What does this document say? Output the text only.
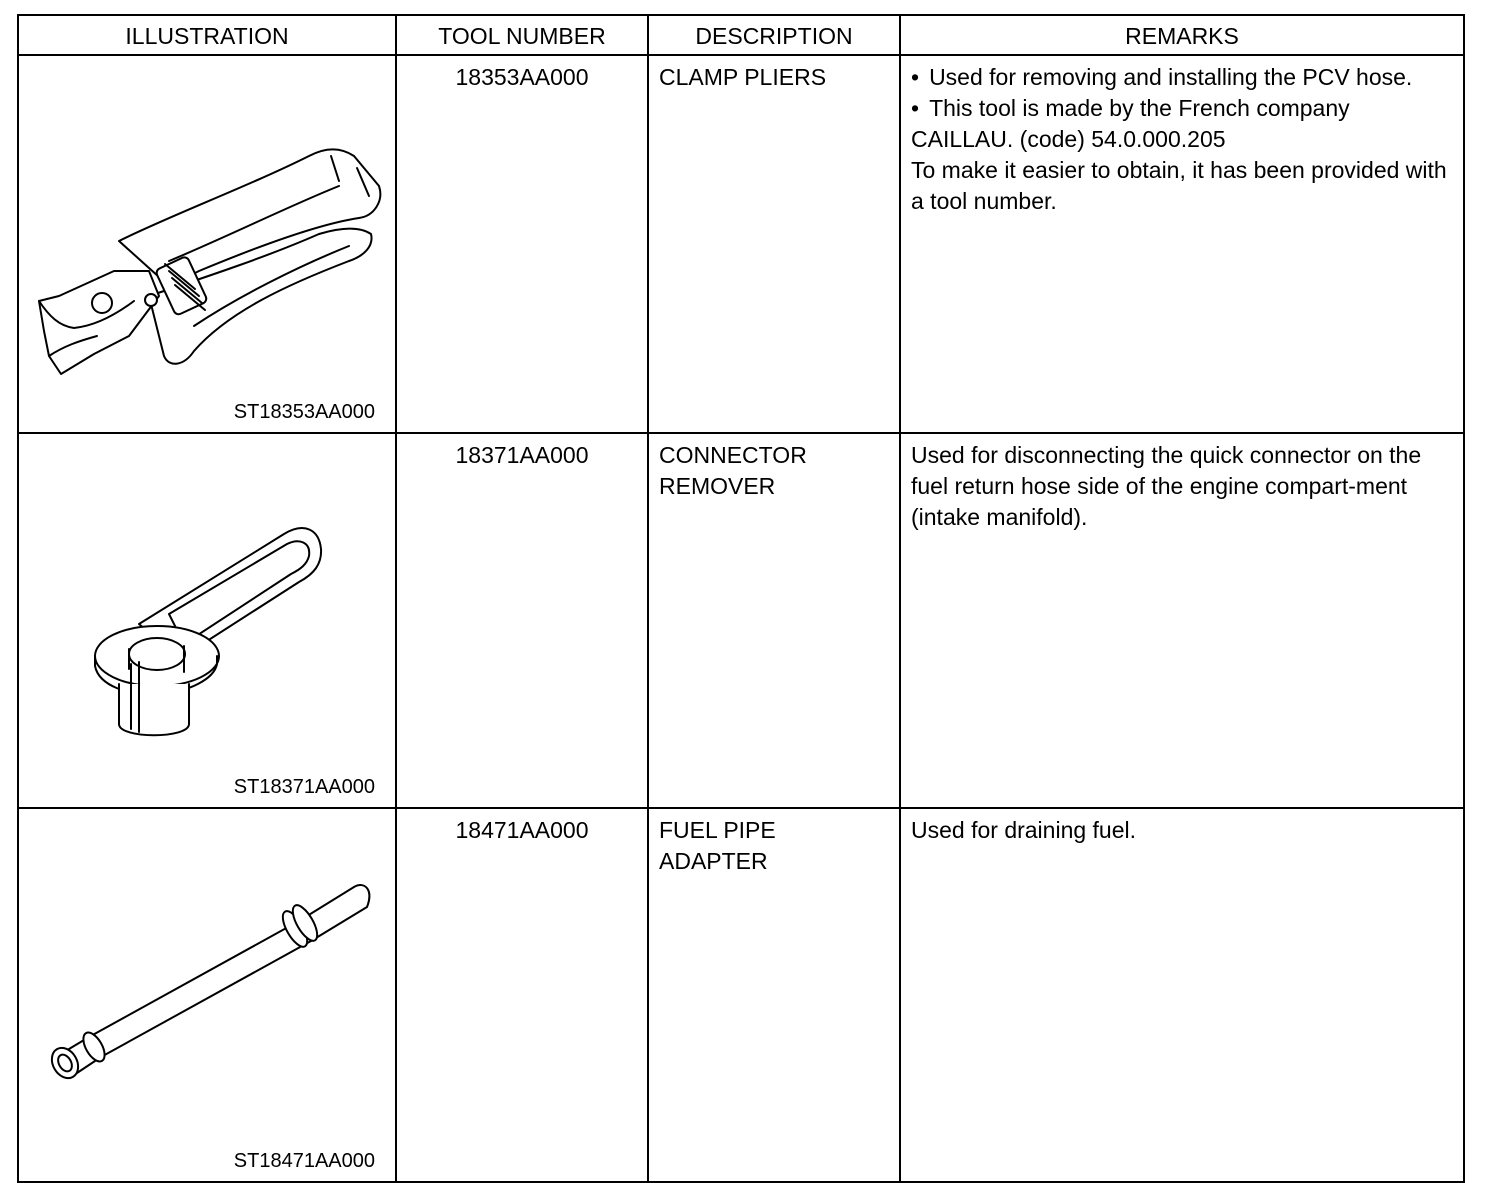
ILLUSTRATION	TOOL NUMBER	DESCRIPTION	REMARKS

ST18353AA000	18353AA000	CLAMP PLIERS	• Used for removing and installing the PCV hose.

• This tool is made by the French company CAILLAU. (code) 54.0.000.205

To make it easier to obtain, it has been provided with a tool number.

ST18371AA000	18371AA000	CONNECTOR REMOVER	Used for disconnecting the quick connector on the fuel return hose side of the engine compart-ment (intake manifold).

ST18471AA000	18471AA000	FUEL PIPE ADAPTER	Used for draining fuel.
